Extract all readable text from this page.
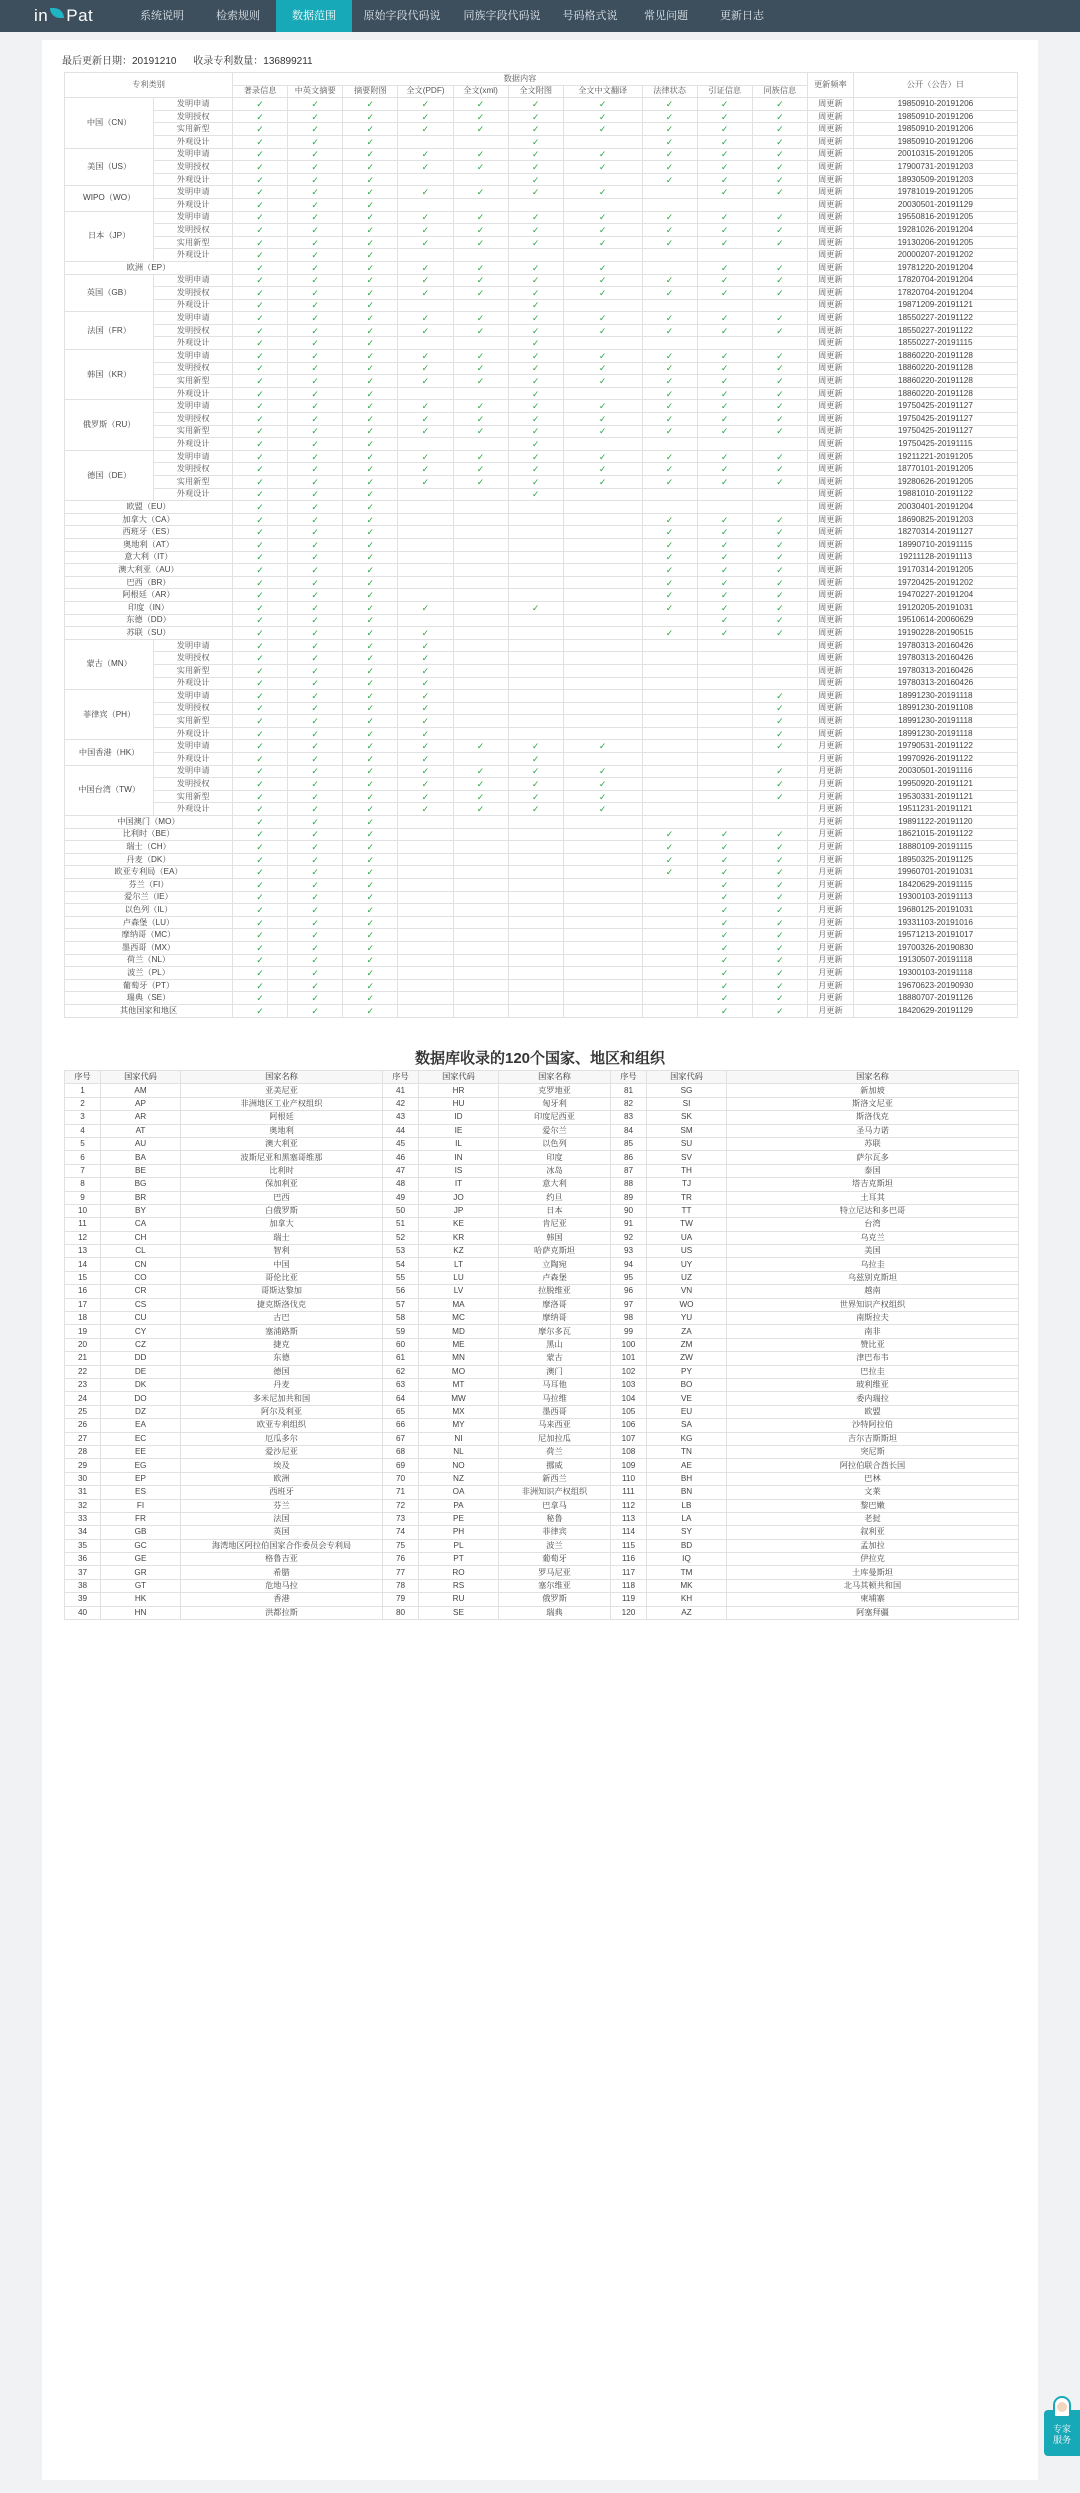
in Pat	系统说明	检索规则	数据范围	原始字段代码说	同族字段代码说	号码格式说	常见问题	更新日志
最后更新日期：20191210 收录专利数量：136899211
专利类别		数据内容										更新频率	公开（公告）日
		著录信息	中英文摘要	摘要附图	全文(PDF)	全文(xml)	全文附图	全文中文翻译	法律状态	引证信息	同族信息		
中国（CN）	发明申请	✓	✓	✓	✓	✓	✓	✓	✓	✓	✓	周更新	19850910-20191206
	发明授权	✓	✓	✓	✓	✓	✓	✓	✓	✓	✓	周更新	19850910-20191206
	实用新型	✓	✓	✓	✓	✓	✓	✓	✓	✓	✓	周更新	19850910-20191206
	外观设计	✓	✓	✓			✓		✓	✓	✓	周更新	19850910-20191206
美国（US）	发明申请	✓	✓	✓	✓	✓	✓	✓	✓	✓	✓	周更新	20010315-20191205
	发明授权	✓	✓	✓	✓	✓	✓	✓	✓	✓	✓	周更新	17900731-20191203
	外观设计	✓	✓	✓			✓		✓	✓	✓	周更新	18930509-20191203
WIPO（WO）	发明申请	✓	✓	✓	✓	✓	✓	✓		✓	✓	周更新	19781019-20191205
	外观设计	✓	✓	✓								周更新	20030501-20191129
日本（JP）	发明申请	✓	✓	✓	✓	✓	✓	✓	✓	✓	✓	周更新	19550816-20191205
	发明授权	✓	✓	✓	✓	✓	✓	✓	✓	✓	✓	周更新	19281026-20191204
	实用新型	✓	✓	✓	✓	✓	✓	✓	✓	✓	✓	周更新	19130206-20191205
	外观设计	✓	✓	✓								周更新	20000207-20191202
欧洲（EP）		✓	✓	✓	✓	✓	✓	✓		✓	✓	周更新	19781220-20191204
英国（GB）	发明申请	✓	✓	✓	✓	✓	✓	✓	✓	✓	✓	周更新	17820704-20191204
	发明授权	✓	✓	✓	✓	✓	✓	✓	✓	✓	✓	周更新	17820704-20191204
	外观设计	✓	✓	✓			✓					周更新	19871209-20191121
法国（FR）	发明申请	✓	✓	✓	✓	✓	✓	✓	✓	✓	✓	周更新	18550227-20191122
	发明授权	✓	✓	✓	✓	✓	✓	✓	✓	✓	✓	周更新	18550227-20191122
	外观设计	✓	✓	✓			✓					周更新	18550227-20191115
韩国（KR）	发明申请	✓	✓	✓	✓	✓	✓	✓	✓	✓	✓	周更新	18860220-20191128
	发明授权	✓	✓	✓	✓	✓	✓	✓	✓	✓	✓	周更新	18860220-20191128
	实用新型	✓	✓	✓	✓	✓	✓	✓	✓	✓	✓	周更新	18860220-20191128
	外观设计	✓	✓	✓			✓		✓	✓	✓	周更新	18860220-20191128
俄罗斯（RU）	发明申请	✓	✓	✓	✓	✓	✓	✓	✓	✓	✓	周更新	19750425-20191127
	发明授权	✓	✓	✓	✓	✓	✓	✓	✓	✓	✓	周更新	19750425-20191127
	实用新型	✓	✓	✓	✓	✓	✓	✓	✓	✓	✓	周更新	19750425-20191127
	外观设计	✓	✓	✓			✓					周更新	19750425-20191115
德国（DE）	发明申请	✓	✓	✓	✓	✓	✓	✓	✓	✓	✓	周更新	19211221-20191205
	发明授权	✓	✓	✓	✓	✓	✓	✓	✓	✓	✓	周更新	18770101-20191205
	实用新型	✓	✓	✓	✓	✓	✓	✓	✓	✓	✓	周更新	19280626-20191205
	外观设计	✓	✓	✓			✓					周更新	19881010-20191122
欧盟（EU）		✓	✓	✓								周更新	20030401-20191204
加拿大（CA）		✓	✓	✓					✓	✓	✓	周更新	18690825-20191203
西班牙（ES）		✓	✓	✓					✓	✓	✓	周更新	18270314-20191127
奥地利（AT）		✓	✓	✓					✓	✓	✓	周更新	18990710-20191115
意大利（IT）		✓	✓	✓					✓	✓	✓	周更新	19211128-20191113
澳大利亚（AU）		✓	✓	✓					✓	✓	✓	周更新	19170314-20191205
巴西（BR）		✓	✓	✓					✓	✓	✓	周更新	19720425-20191202
阿根廷（AR）		✓	✓	✓					✓	✓	✓	周更新	19470227-20191204
印度（IN）		✓	✓	✓	✓		✓		✓	✓	✓	周更新	19120205-20191031
东德（DD）		✓	✓	✓						✓	✓	周更新	19510614-20060629
苏联（SU）		✓	✓	✓	✓				✓	✓	✓	周更新	19190228-20190515
蒙古（MN）	发明申请	✓	✓	✓	✓							周更新	19780313-20160426
	发明授权	✓	✓	✓	✓							周更新	19780313-20160426
	实用新型	✓	✓	✓	✓							周更新	19780313-20160426
	外观设计	✓	✓	✓	✓							周更新	19780313-20160426
菲律宾（PH）	发明申请	✓	✓	✓	✓						✓	周更新	18991230-20191118
	发明授权	✓	✓	✓	✓						✓	周更新	18991230-20191108
	实用新型	✓	✓	✓	✓						✓	周更新	18991230-20191118
	外观设计	✓	✓	✓	✓						✓	周更新	18991230-20191118
中国香港（HK）	发明申请	✓	✓	✓	✓	✓	✓	✓			✓	月更新	19790531-20191122
	外观设计	✓	✓	✓	✓		✓					月更新	19970926-20191122
中国台湾（TW）	发明申请	✓	✓	✓	✓	✓	✓	✓			✓	月更新	20030501-20191116
	发明授权	✓	✓	✓	✓	✓	✓	✓			✓	月更新	19950920-20191121
	实用新型	✓	✓	✓	✓	✓	✓	✓			✓	月更新	19530331-20191121
	外观设计	✓	✓	✓	✓	✓	✓	✓				月更新	19511231-20191121
中国澳门（MO）		✓	✓	✓								月更新	19891122-20191120
比利时（BE）		✓	✓	✓					✓	✓	✓	月更新	18621015-20191122
瑞士（CH）		✓	✓	✓					✓	✓	✓	月更新	18880109-20191115
丹麦（DK）		✓	✓	✓					✓	✓	✓	月更新	18950325-20191125
欧亚专利局（EA）		✓	✓	✓					✓	✓	✓	月更新	19960701-20191031
芬兰（FI）		✓	✓	✓						✓	✓	月更新	18420629-20191115
爱尔兰（IE）		✓	✓	✓						✓	✓	月更新	19300103-20191113
以色列（IL）		✓	✓	✓						✓	✓	月更新	19680125-20191031
卢森堡（LU）		✓	✓	✓						✓	✓	月更新	19331103-20191016
摩纳哥（MC）		✓	✓	✓						✓	✓	月更新	19571213-20191017
墨西哥（MX）		✓	✓	✓						✓	✓	月更新	19700326-20190830
荷兰（NL）		✓	✓	✓						✓	✓	月更新	19130507-20191118
波兰（PL）		✓	✓	✓						✓	✓	月更新	19300103-20191118
葡萄牙（PT）		✓	✓	✓						✓	✓	月更新	19670623-20190930
瑞典（SE）		✓	✓	✓						✓	✓	月更新	18880707-20191126
其他国家和地区		✓	✓	✓						✓	✓	月更新	18420629-20191129
数据库收录的120个国家、地区和组织
序号	国家代码	国家名称	序号	国家代码	国家名称	序号	国家代码	国家名称
1	AM	亚美尼亚	41	HR	克罗地亚	81	SG	新加坡
2	AP	非洲地区工业产权组织	42	HU	匈牙利	82	SI	斯洛文尼亚
3	AR	阿根廷	43	ID	印度尼西亚	83	SK	斯洛伐克
4	AT	奥地利	44	IE	爱尔兰	84	SM	圣马力诺
5	AU	澳大利亚	45	IL	以色列	85	SU	苏联
6	BA	波斯尼亚和黑塞哥维那	46	IN	印度	86	SV	萨尔瓦多
7	BE	比利时	47	IS	冰岛	87	TH	泰国
8	BG	保加利亚	48	IT	意大利	88	TJ	塔吉克斯坦
9	BR	巴西	49	JO	约旦	89	TR	土耳其
10	BY	白俄罗斯	50	JP	日本	90	TT	特立尼达和多巴哥
11	CA	加拿大	51	KE	肯尼亚	91	TW	台湾
12	CH	瑞士	52	KR	韩国	92	UA	乌克兰
13	CL	智利	53	KZ	哈萨克斯坦	93	US	美国
14	CN	中国	54	LT	立陶宛	94	UY	乌拉圭
15	CO	哥伦比亚	55	LU	卢森堡	95	UZ	乌兹别克斯坦
16	CR	哥斯达黎加	56	LV	拉脱维亚	96	VN	越南
17	CS	捷克斯洛伐克	57	MA	摩洛哥	97	WO	世界知识产权组织
18	CU	古巴	58	MC	摩纳哥	98	YU	南斯拉夫
19	CY	塞浦路斯	59	MD	摩尔多瓦	99	ZA	南非
20	CZ	捷克	60	ME	黑山	100	ZM	赞比亚
21	DD	东德	61	MN	蒙古	101	ZW	津巴布韦
22	DE	德国	62	MO	澳门	102	PY	巴拉圭
23	DK	丹麦	63	MT	马耳他	103	BO	玻利维亚
24	DO	多米尼加共和国	64	MW	马拉维	104	VE	委内瑞拉
25	DZ	阿尔及利亚	65	MX	墨西哥	105	EU	欧盟
26	EA	欧亚专利组织	66	MY	马来西亚	106	SA	沙特阿拉伯
27	EC	厄瓜多尔	67	NI	尼加拉瓜	107	KG	吉尔吉斯斯坦
28	EE	爱沙尼亚	68	NL	荷兰	108	TN	突尼斯
29	EG	埃及	69	NO	挪威	109	AE	阿拉伯联合酋长国
30	EP	欧洲	70	NZ	新西兰	110	BH	巴林
31	ES	西班牙	71	OA	非洲知识产权组织	111	BN	文莱
32	FI	芬兰	72	PA	巴拿马	112	LB	黎巴嫩
33	FR	法国	73	PE	秘鲁	113	LA	老挝
34	GB	英国	74	PH	菲律宾	114	SY	叙利亚
35	GC	海湾地区阿拉伯国家合作委员会专利局	75	PL	波兰	115	BD	孟加拉
36	GE	格鲁吉亚	76	PT	葡萄牙	116	IQ	伊拉克
37	GR	希腊	77	RO	罗马尼亚	117	TM	土库曼斯坦
38	GT	危地马拉	78	RS	塞尔维亚	118	MK	北马其顿共和国
39	HK	香港	79	RU	俄罗斯	119	KH	柬埔寨
40	HN	洪都拉斯	80	SE	瑞典	120	AZ	阿塞拜疆
专家
服务
